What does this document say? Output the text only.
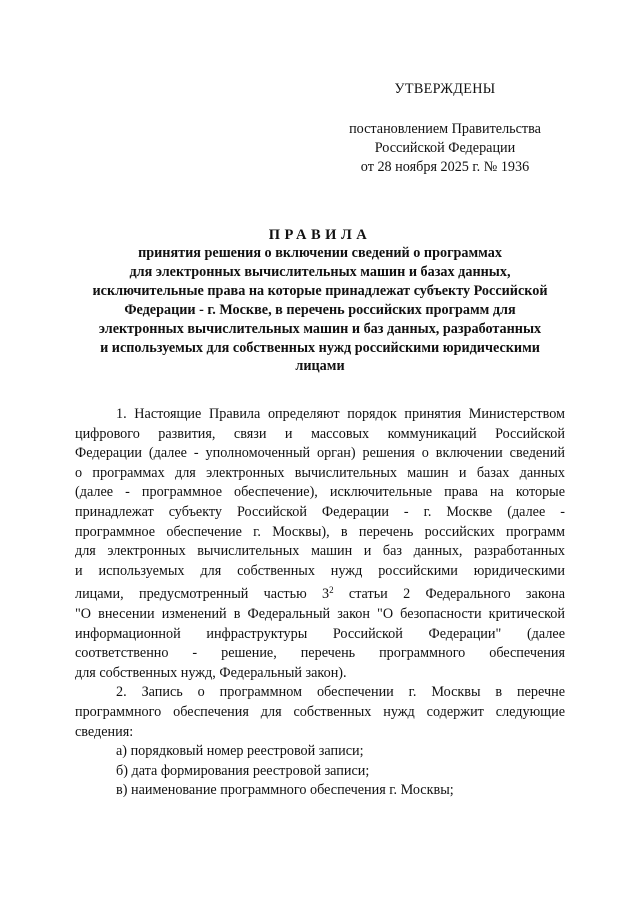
УТВЕРЖДЕНЫ
постановлением Правительства
Российской Федерации
от 28 ноября 2025 г. № 1936
ПРАВИЛА
принятия решения о включении сведений о программах
для электронных вычислительных машин и базах данных,
исключительные права на которые принадлежат субъекту Российской
Федерации - г. Москве, в перечень российских программ для
электронных вычислительных машин и баз данных, разработанных
и используемых для собственных нужд российскими юридическими
лицами
1. Настоящие Правила определяют порядок принятия Министерством
цифрового развития, связи и массовых коммуникаций Российской
Федерации (далее - уполномоченный орган) решения о включении сведений
о программах для электронных вычислительных машин и базах данных
(далее - программное обеспечение), исключительные права на которые
принадлежат субъекту Российской Федерации - г. Москве (далее -
программное обеспечение г. Москвы), в перечень российских программ
для электронных вычислительных машин и баз данных, разработанных
и используемых для собственных нужд российскими юридическими
лицами, предусмотренный частью $3^2$ статьи 2 Федерального закона
"О внесении изменений в Федеральный закон "О безопасности критической
информационной инфраструктуры Российской Федерации" (далее
соответственно - решение, перечень программного обеспечения
для собственных нужд, Федеральный закон).
2. Запись о программном обеспечении г. Москвы в перечне
программного обеспечения для собственных нужд содержит следующие
сведения:
а) порядковый номер реестровой записи;
б) дата формирования реестровой записи;
в) наименование программного обеспечения г. Москвы;
